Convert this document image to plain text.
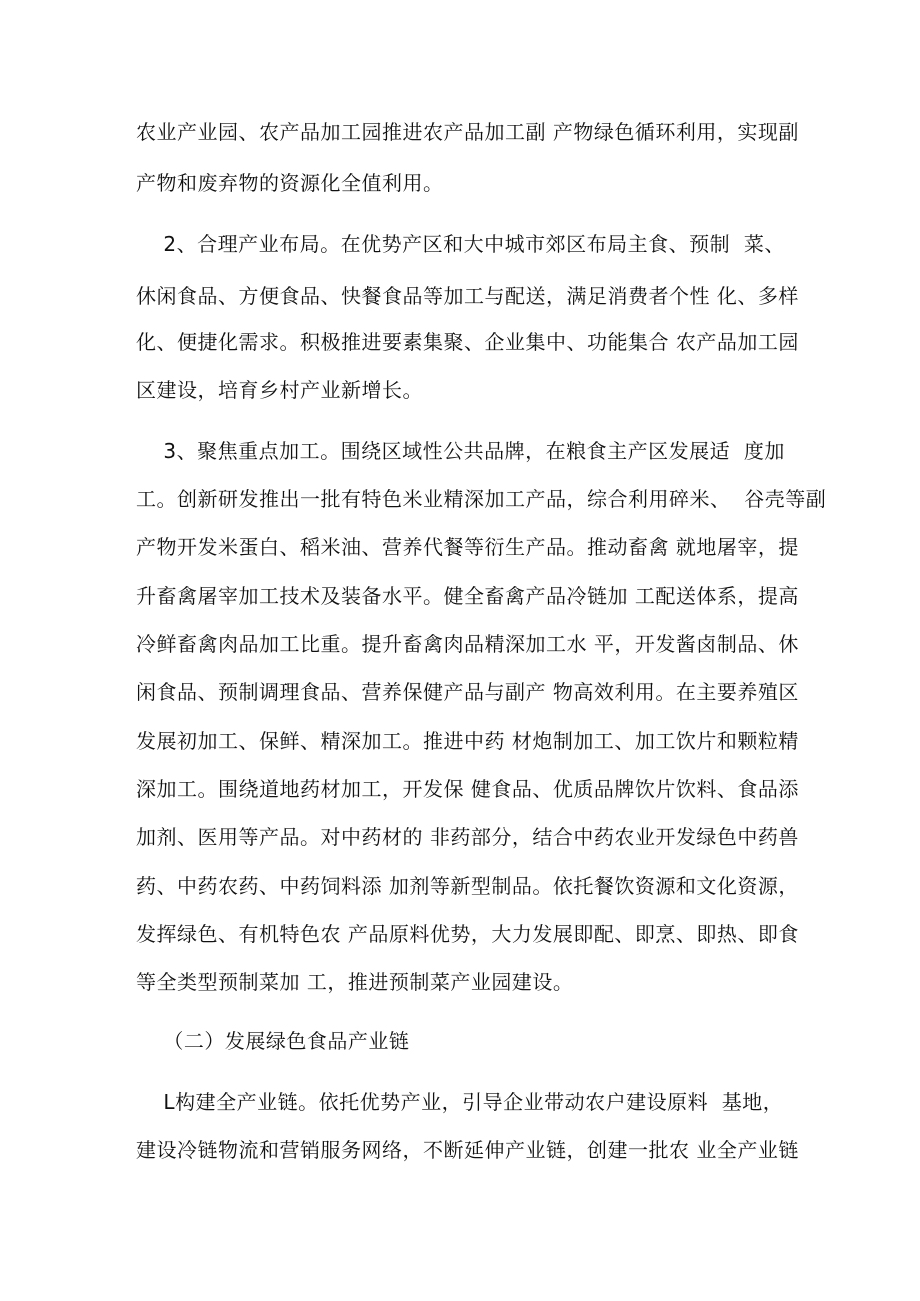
农业产业园、农产品加工园推进农产品加工副 产物绿色循环利用，实现副
产物和废弃物的资源化全值利用。
2、合理产业布局。在优势产区和大中城市郊区布局主食、预制  菜、
休闲食品、方便食品、快餐食品等加工与配送，满足消费者个性 化、多样
化、便捷化需求。积极推进要素集聚、企业集中、功能集合 农产品加工园
区建设，培育乡村产业新增长。
3、聚焦重点加工。围绕区域性公共品牌，在粮食主产区发展适  度加
工。创新研发推出一批有特色米业精深加工产品，综合利用碎米、  谷壳等副
产物开发米蛋白、稻米油、营养代餐等衍生产品。推动畜禽 就地屠宰，提
升畜禽屠宰加工技术及装备水平。健全畜禽产品冷链加 工配送体系，提高
冷鲜畜禽肉品加工比重。提升畜禽肉品精深加工水 平，开发酱卤制品、休
闲食品、预制调理食品、营养保健产品与副产 物高效利用。在主要养殖区
发展初加工、保鲜、精深加工。推进中药 材炮制加工、加工饮片和颗粒精
深加工。围绕道地药材加工，开发保 健食品、优质品牌饮片饮料、食品添
加剂、医用等产品。对中药材的 非药部分，结合中药农业开发绿色中药兽
药、中药农药、中药饲料添 加剂等新型制品。依托餐饮资源和文化资源，
发挥绿色、有机特色农 产品原料优势，大力发展即配、即烹、即热、即食
等全类型预制菜加 工，推进预制菜产业园建设。
（二）发展绿色食品产业链
L构建全产业链。依托优势产业，引导企业带动农户建设原料  基地，
建设冷链物流和营销服务网络，不断延伸产业链，创建一批农 业全产业链
